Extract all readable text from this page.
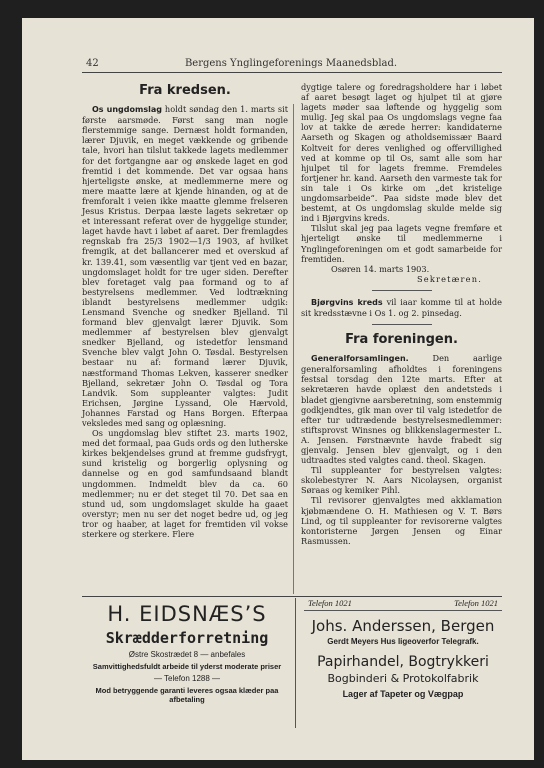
42	Bergens Ynglingeforenings Maanedsblad.
Fra kredsen.

Os ungdomslag holdt søndag den 1. marts sit første aarsmøde. Først sang man nogle flerstemmige sange. Dernæst holdt formanden, lærer Djuvik, en meget vækkende og gribende tale, hvori han tilslut takkede lagets medlemmer for det fortgangne aar og ønskede laget en god fremtid i det kommende. Det var ogsaa hans hjerteligste ønske, at medlemmerne mere og mere maatte lære at kjende hinanden, og at de fremforalt i veien ikke maatte glemme frelseren Jesus Kristus. Derpaa læste lagets sekretær op et interessant referat over de hyggelige stunder, laget havde havt i løbet af aaret. Der fremlagdes regnskab fra 25/3 1902—1/3 1903, af hvilket fremgik, at det ballancerer med et overskud af kr. 139.41, som væsentlig var tjent ved en bazar, ungdomslaget holdt for tre uger siden. Derefter blev foretaget valg paa formand og to af bestyrelsens medlemmer. Ved lodtrækning iblandt bestyrelsens medlemmer udgik: Lensmand Svenche og snedker Bjelland. Til formand blev gjenvalgt lærer Djuvik. Som medlemmer af bestyrelsen blev gjenvalgt snedker Bjelland, og istedetfor lensmand Svenche blev valgt John O. Tøsdal. Bestyrelsen bestaar nu af: formand lærer Djuvik, næstformand Thomas Lekven, kasserer snedker Bjelland, sekretær John O. Tøsdal og Tora Landvik. Som suppleanter valgtes: Judit Erichsen, Jørgine Lyssand, Ole Hærvold, Johannes Farstad og Hans Borgen. Efterpaa veksledes med sang og oplæsning.

Os ungdomslag blev stiftet 23. marts 1902, med det formaal, paa Guds ords og den lutherske kirkes bekjendelses grund at fremme gudsfrygt, sund kristelig og borgerlig oplysning og dannelse og en god samfundsaand blandt ungdommen. Indmeldt blev da ca. 60 medlemmer; nu er det steget til 70. Det saa en stund ud, som ungdomslaget skulde ha gaaet overstyr; men nu ser det noget bedre ud, og jeg tror og haaber, at laget for fremtiden vil vokse sterkere og sterkere. Flere

dygtige talere og foredragsholdere har i løbet af aaret besøgt laget og hjulpet til at gjøre lagets møder saa løftende og hyggelig som mulig. Jeg skal paa Os ungdomslags vegne faa lov at takke de ærede herrer: kandidaterne Aarseth og Skagen og atholdsemissær Baard Koltveit for deres venlighed og offervillighed ved at komme op til Os, samt alle som har hjulpet til for lagets fremme. Fremdeles fortjener hr. kand. Aarseth den varmeste tak for sin tale i Os kirke om „det kristelige ungdomsarbeide“. Paa sidste møde blev det bestemt, at Os ungdomslag skulde melde sig ind i Bjørgvins kreds.

Tilslut skal jeg paa lagets vegne fremføre et hjerteligt ønske til medlemmerne i Ynglingeforeningen om et godt samarbeide for fremtiden.

Osøren 14. marts 1903.

Sekretæren.

Bjørgvins kreds vil iaar komme til at holde sit kredsstævne i Os 1. og 2. pinsedag.

Fra foreningen.

Generalforsamlingen.	Den aarlige generalforsamling afholdtes i foreningens festsal torsdag den 12te marts. Efter at sekretæren havde oplæst den andetsteds i bladet gjengivne aarsberetning, som enstemmig godkjendtes, gik man over til valg istedetfor de efter tur udtrædende bestyrelsesmedlemmer: stiftsprovst Winsnes og blikkenslagermester L. A. Jensen. Førstnævnte havde frabedt sig gjenvalg. Jensen blev gjenvalgt, og i den udtraadtes sted valgtes cand. theol. Skagen.

Til suppleanter for bestyrelsen valgtes: skolebestyrer N. Aars Nicolaysen, organist Søraas og kemiker Pihl.

Til revisorer gjenvalgtes med akklamation kjøbmændene O. H. Mathiesen og V. T. Børs Lind, og til suppleanter for revisorerne valgtes kontoristerne Jørgen Jensen og Einar Rasmussen.

H. EIDSNÆS’S
Skrædderforretning
Østre Skostrædet 8 — anbefales
Samvittighedsfuldt arbeide til yderst moderate priser
— Telefon 1288 —
Mod betryggende garanti leveres ogsaa klæder paa afbetaling
Telefon 1021	Telefon 1021
Johs. Anderssen, Bergen
Gerdt Meyers Hus ligeoverfor Telegrafk.
Papirhandel, Bogtrykkeri
Bogbinderi & Protokolfabrik
Lager af Tapeter og Vægpap
